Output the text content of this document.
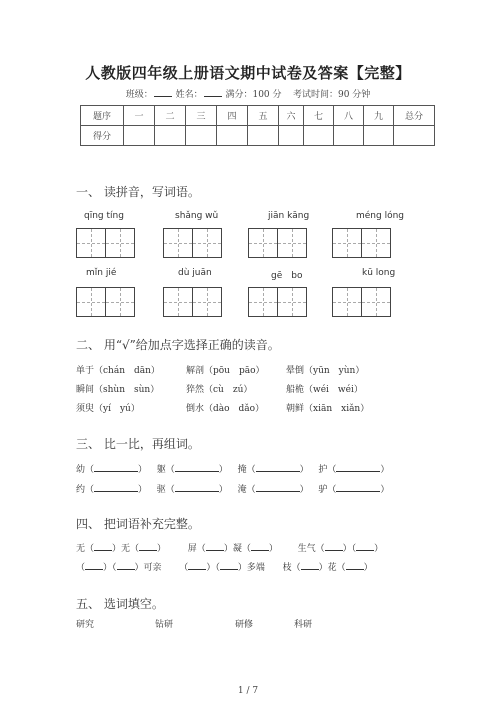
人教版四年级上册语文期中试卷及答案【完整】
班级：	姓名：	满分：100 分 考试时间：90 分钟
题序	一	二	三	四	五	六	七	八	九	总分
得分										
一、 读拼音，写词语。
qīng tíng	shǎng wǔ	jiān kāng	méng lóng
mǐn jié	dù juān	gē　bo	kū long
二、 用“√”给加点字选择正确的读音。
单于（chán　dān）	解剖（pōu　pāo） 晕倒（yūn　yùn）
瞬间（shùn　sùn）	猝然（cù　zú）	船桅（wéi　wéi）
须臾（yí　yú）	倒水（dào　dǎo） 朝鲜（xiān　xiǎn）
三、 比一比，再组词。
幼（	） 躯（	） 掩（	） 护（	）
约（	） 驱（	） 淹（	） 驴（	）
四、 把词语补充完整。
无（ ）无（ ） 屏（ ）凝（ ） 生气（ ）（ ）
（ ）（ ）可亲 （ ）（ ）多端 枝（ ）花（ ）
五、 选词填空。
研究	钻研	研修	科研
1 / 7
